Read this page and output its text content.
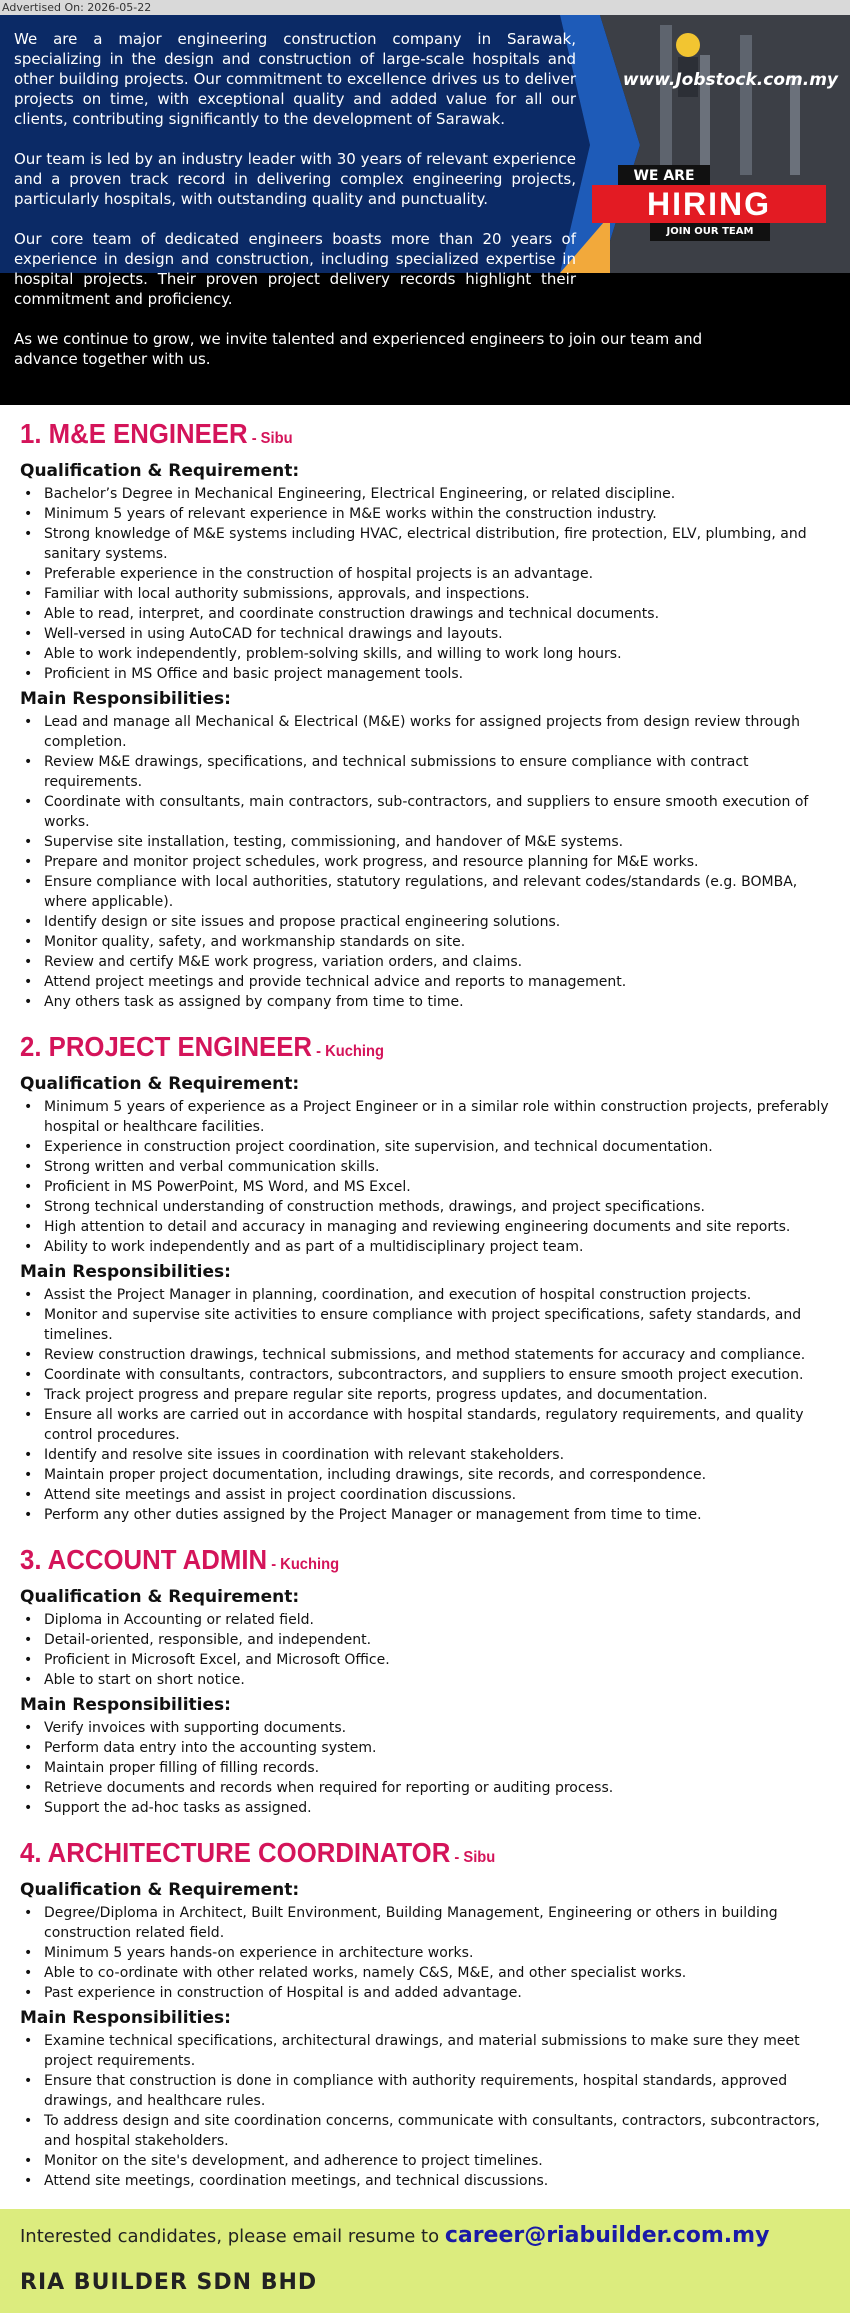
Advertised On: 2026-05-22

We are a major engineering construction company in Sarawak, specializing in the design and construction of large-scale hospitals and other building projects. Our commitment to excellence drives us to deliver projects on time, with exceptional quality and added value for all our clients, contributing significantly to the development of Sarawak.

Our team is led by an industry leader with 30 years of relevant experience and a proven track record in delivering complex engineering projects, particularly hospitals, with outstanding quality and punctuality.

Our core team of dedicated engineers boasts more than 20 years of experience in design and construction, including specialized expertise in hospital projects. Their proven project delivery records highlight their commitment and proficiency.

As we continue to grow, we invite talented and experienced engineers to join our team and advance together with us.

www.Jobstock.com.my
WE ARE
HIRING
JOIN OUR TEAM
1. M&E ENGINEER - Sibu
Qualification & Requirement:
• Bachelor’s Degree in Mechanical Engineering, Electrical Engineering, or related discipline.
• Minimum 5 years of relevant experience in M&E works within the construction industry.
• Strong knowledge of M&E systems including HVAC, electrical distribution, fire protection, ELV, plumbing, and sanitary systems.
• Preferable experience in the construction of hospital projects is an advantage.
• Familiar with local authority submissions, approvals, and inspections.
• Able to read, interpret, and coordinate construction drawings and technical documents.
• Well-versed in using AutoCAD for technical drawings and layouts.
• Able to work independently, problem-solving skills, and willing to work long hours.
• Proficient in MS Office and basic project management tools.
Main Responsibilities:
• Lead and manage all Mechanical & Electrical (M&E) works for assigned projects from design review through completion.
• Review M&E drawings, specifications, and technical submissions to ensure compliance with contract requirements.
• Coordinate with consultants, main contractors, sub-contractors, and suppliers to ensure smooth execution of works.
• Supervise site installation, testing, commissioning, and handover of M&E systems.
• Prepare and monitor project schedules, work progress, and resource planning for M&E works.
• Ensure compliance with local authorities, statutory regulations, and relevant codes/standards (e.g. BOMBA, where applicable).
• Identify design or site issues and propose practical engineering solutions.
• Monitor quality, safety, and workmanship standards on site.
• Review and certify M&E work progress, variation orders, and claims.
• Attend project meetings and provide technical advice and reports to management.
• Any others task as assigned by company from time to time.
2. PROJECT ENGINEER - Kuching
Qualification & Requirement:
• Minimum 5 years of experience as a Project Engineer or in a similar role within construction projects, preferably hospital or healthcare facilities.
• Experience in construction project coordination, site supervision, and technical documentation.
• Strong written and verbal communication skills.
• Proficient in MS PowerPoint, MS Word, and MS Excel.
• Strong technical understanding of construction methods, drawings, and project specifications.
• High attention to detail and accuracy in managing and reviewing engineering documents and site reports.
• Ability to work independently and as part of a multidisciplinary project team.
Main Responsibilities:
• Assist the Project Manager in planning, coordination, and execution of hospital construction projects.
• Monitor and supervise site activities to ensure compliance with project specifications, safety standards, and timelines.
• Review construction drawings, technical submissions, and method statements for accuracy and compliance.
• Coordinate with consultants, contractors, subcontractors, and suppliers to ensure smooth project execution.
• Track project progress and prepare regular site reports, progress updates, and documentation.
• Ensure all works are carried out in accordance with hospital standards, regulatory requirements, and quality control procedures.
• Identify and resolve site issues in coordination with relevant stakeholders.
• Maintain proper project documentation, including drawings, site records, and correspondence.
• Attend site meetings and assist in project coordination discussions.
• Perform any other duties assigned by the Project Manager or management from time to time.
3. ACCOUNT ADMIN - Kuching
Qualification & Requirement:
• Diploma in Accounting or related field.
• Detail-oriented, responsible, and independent.
• Proficient in Microsoft Excel, and Microsoft Office.
• Able to start on short notice.
Main Responsibilities:
• Verify invoices with supporting documents.
• Perform data entry into the accounting system.
• Maintain proper filling of filling records.
• Retrieve documents and records when required for reporting or auditing process.
• Support the ad-hoc tasks as assigned.
4. ARCHITECTURE COORDINATOR - Sibu
Qualification & Requirement:
• Degree/Diploma in Architect, Built Environment, Building Management, Engineering or others in building construction related field.
• Minimum 5 years hands-on experience in architecture works.
• Able to co-ordinate with other related works, namely C&S, M&E, and other specialist works.
• Past experience in construction of Hospital is and added advantage.
Main Responsibilities:
• Examine technical specifications, architectural drawings, and material submissions to make sure they meet project requirements.
• Ensure that construction is done in compliance with authority requirements, hospital standards, approved drawings, and healthcare rules.
• To address design and site coordination concerns, communicate with consultants, contractors, subcontractors, and hospital stakeholders.
• Monitor on the site's development, and adherence to project timelines.
• Attend site meetings, coordination meetings, and technical discussions.
Interested candidates, please email resume to career@riabuilder.com.my
RIA BUILDER SDN BHD
